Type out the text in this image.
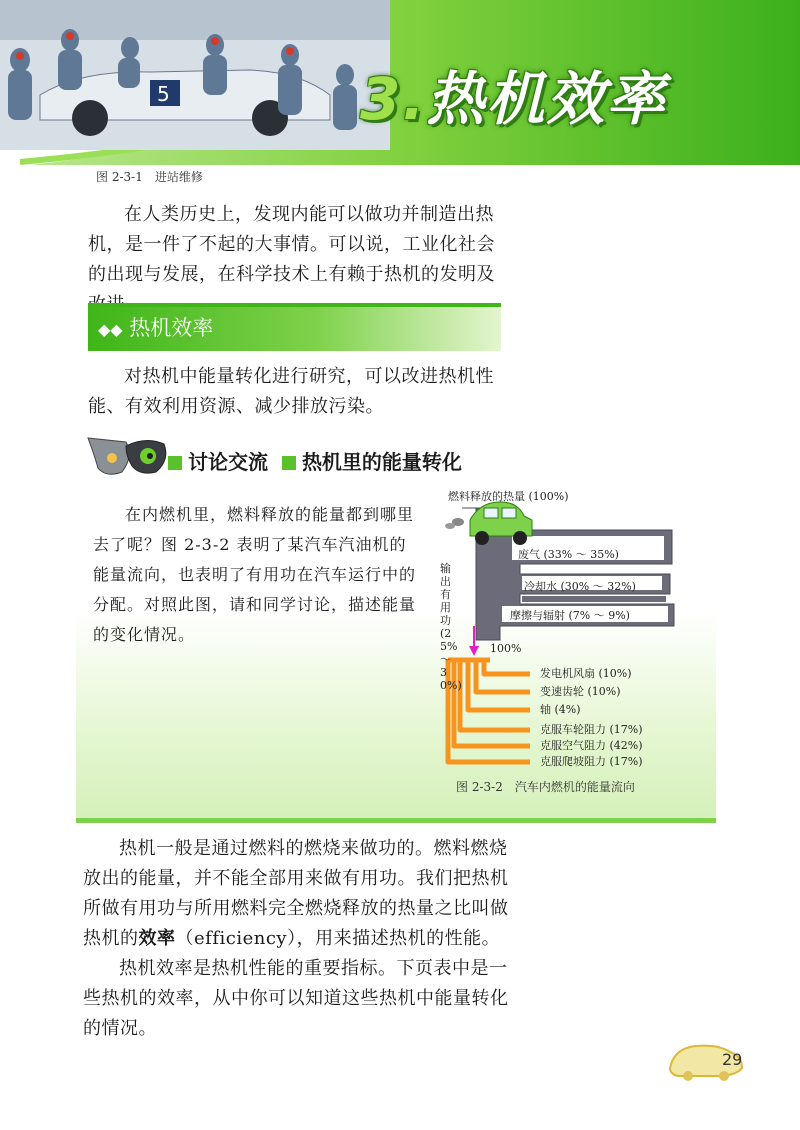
5	3.热机效率
图 2-3-1　进站维修

在人类历史上，发现内能可以做功并制造出热机，是一件了不起的大事情。可以说，工业化社会的出现与发展，在科学技术上有赖于热机的发明及

◆◆ 热机效率

对热机中能量转化进行研究，可以改进热机性能、有效利用资源、减少排放污染。

讨论交流 热机里的能量转化

在内燃机里，燃料释放的能量都到哪里去了呢？图 2-3-2 表明了某汽车汽油机的能量流向，也表明了有用功在汽车运行中的分配。对照此图，请和同学讨论，描述能量的变化情况。

燃料释放的热量 (100%)
废气 (33% ～ 35%)
冷却水 (30% ～ 32%)
摩擦与辐射 (7% ～ 9%)
100%
发电机风扇 (10%)
变速齿轮 (10%)
轴 (4%)
克服车轮阻力 (17%)
克服空气阻力 (42%)
克服爬坡阻力 (17%)
输出有用功 (25% ～ 30%)
图 2-3-2　汽车内燃机的能量流向

热机一般是通过燃料的燃烧来做功的。燃料燃烧放出的能量，并不能全部用来做有用功。我们把热机所做有用功与所用燃料完全燃烧释放的热量之比叫做热机的效率（efficiency），用来描述热机的性能。

热机效率是热机性能的重要指标。下页表中是一些热机的效率，从中你可以知道这些热机中能量转化的情况。

29
